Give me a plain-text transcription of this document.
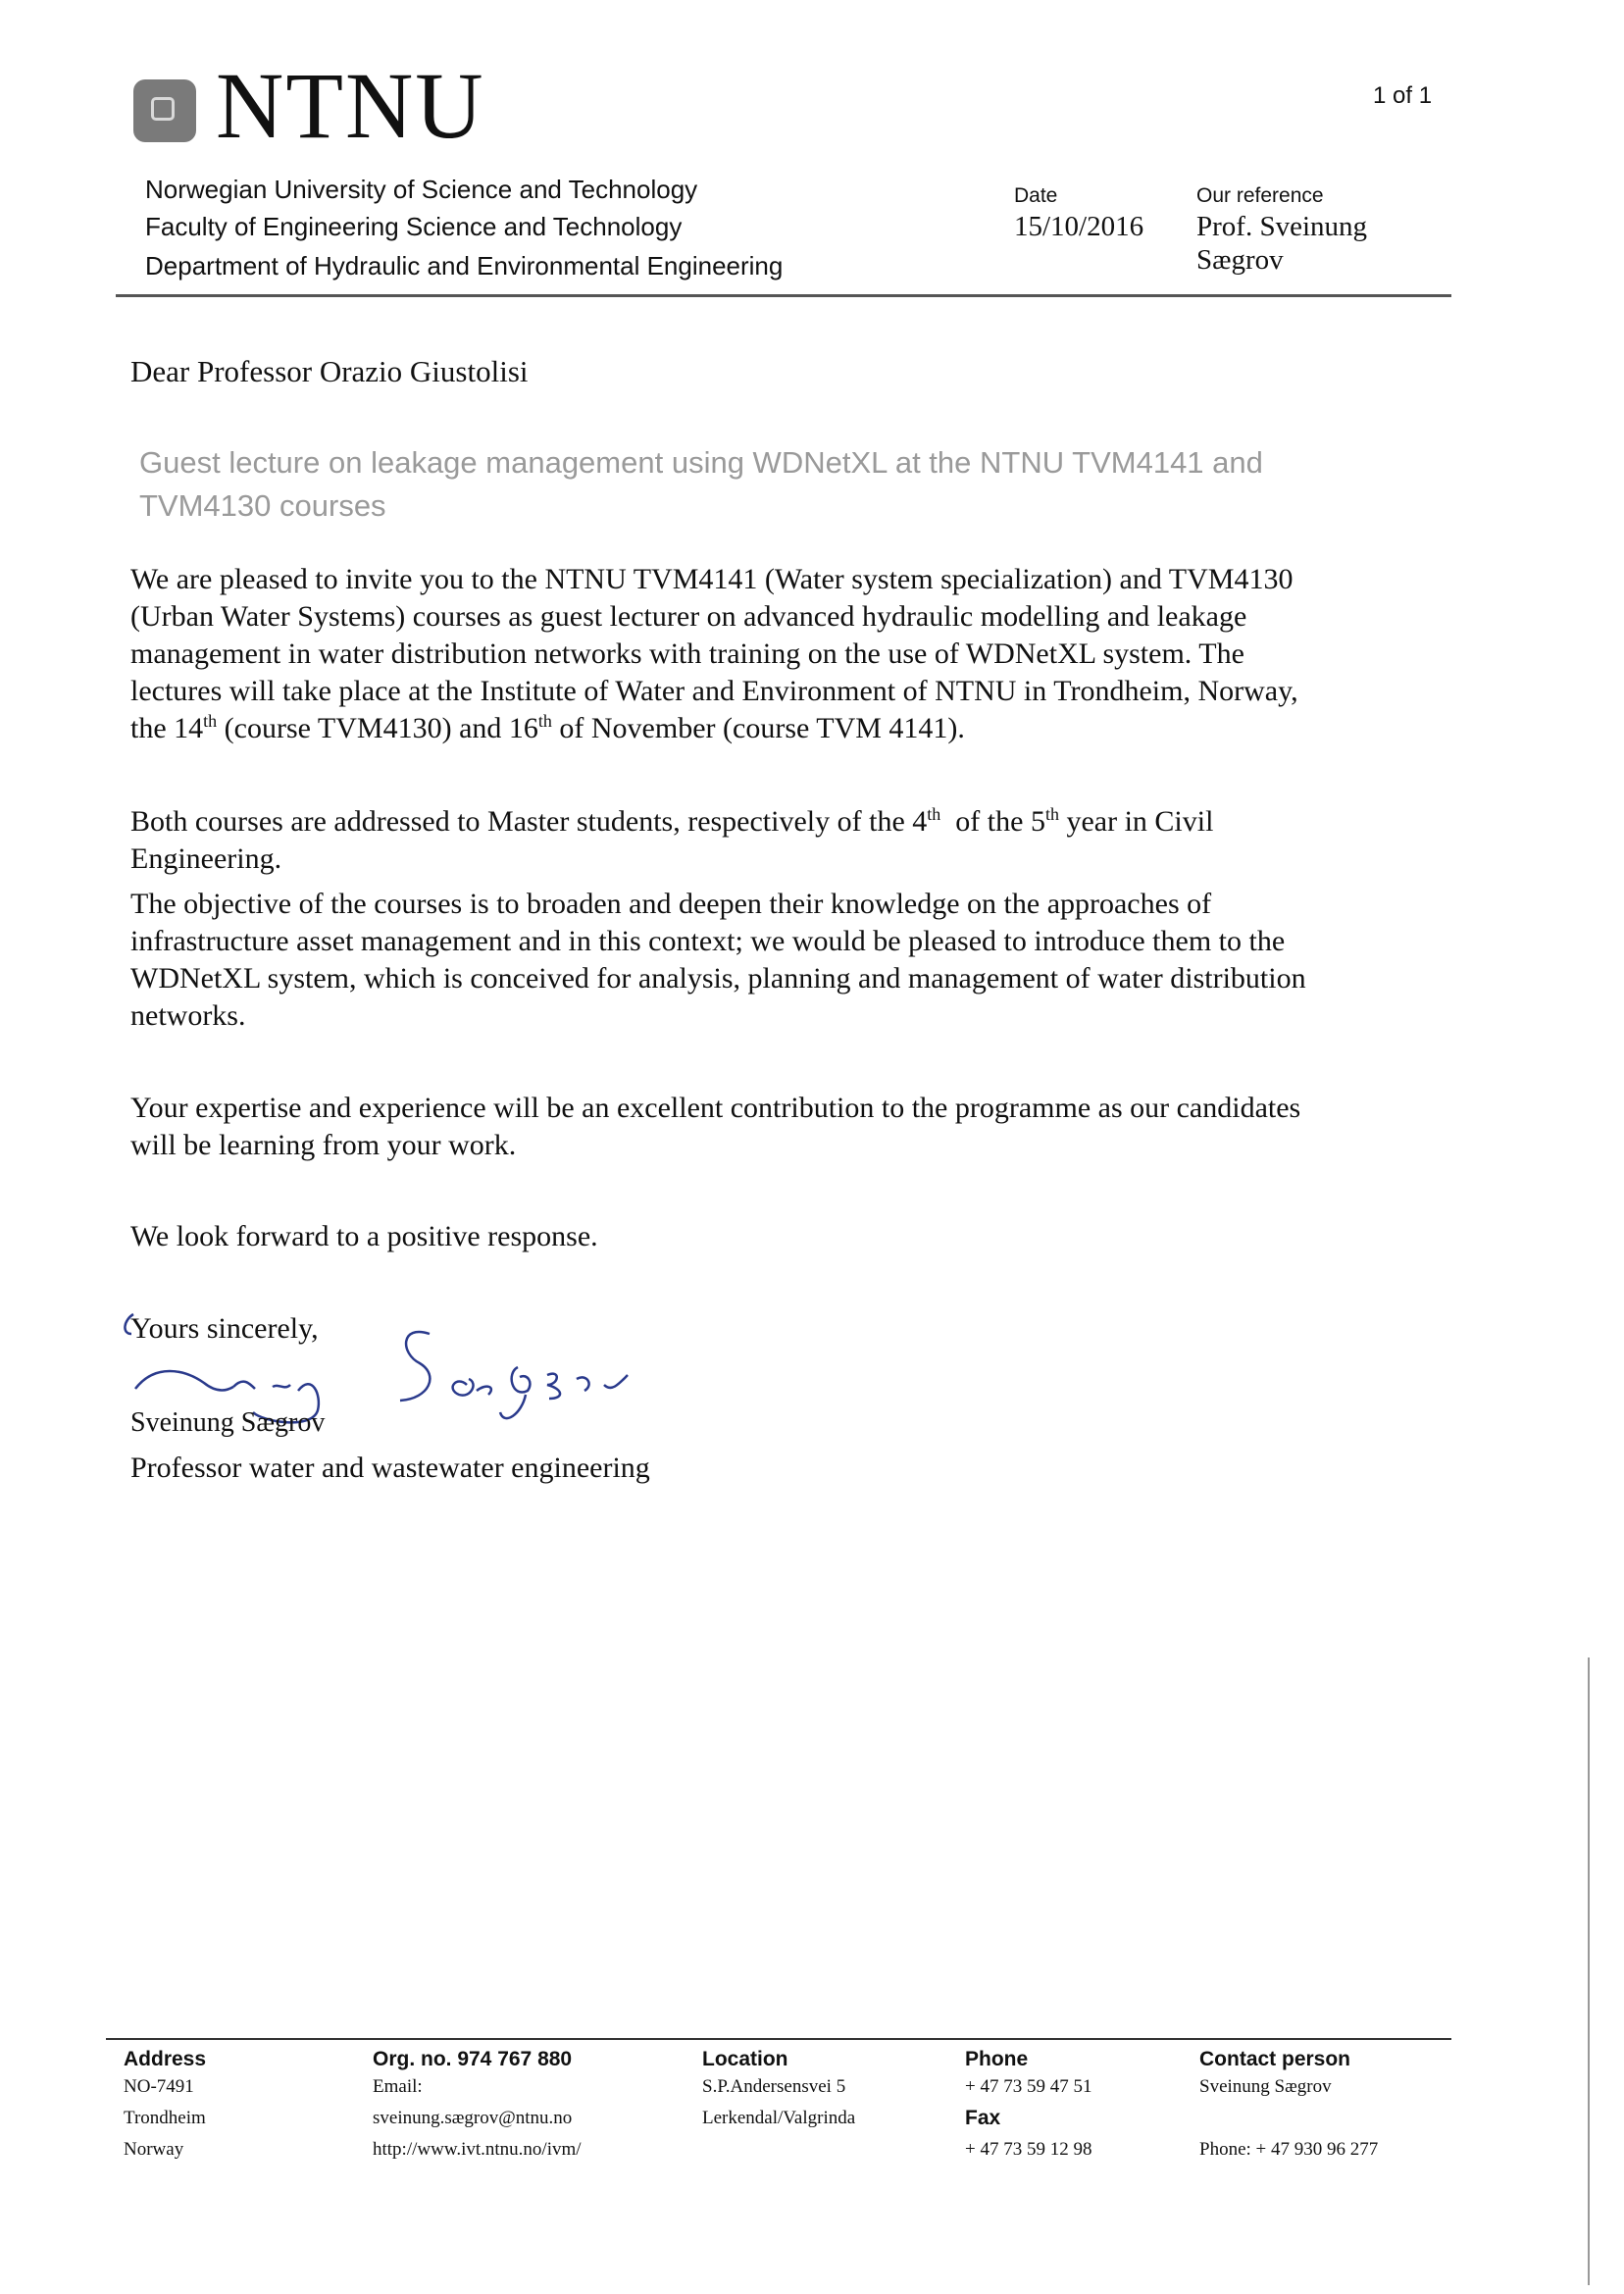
NTNU	1 of 1
Norwegian University of Science and Technology
Faculty of Engineering Science and Technology
Department of Hydraulic and Environmental Engineering
Date
15/10/2016
Our reference
Prof. Sveinung
Sægrov
Dear Professor Orazio Giustolisi
Guest lecture on leakage management using WDNetXL at the NTNU TVM4141 and
TVM4130 courses
We are pleased to invite you to the NTNU TVM4141 (Water system specialization) and TVM4130
(Urban Water Systems) courses as guest lecturer on advanced hydraulic modelling and leakage
management in water distribution networks with training on the use of WDNetXL system. The
lectures will take place at the Institute of Water and Environment of NTNU in Trondheim, Norway,
the 14th (course TVM4130) and 16th of November (course TVM 4141).
Both courses are addressed to Master students, respectively of the 4th  of the 5th year in Civil
Engineering.
The objective of the courses is to broaden and deepen their knowledge on the approaches of
infrastructure asset management and in this context; we would be pleased to introduce them to the
WDNetXL system, which is conceived for analysis, planning and management of water distribution
networks.
Your expertise and experience will be an excellent contribution to the programme as our candidates
will be learning from your work.
We look forward to a positive response.
Yours sincerely,
Sveinung Sægrov
Professor water and wastewater engineering
Address
NO-7491
Trondheim
Norway
Org. no. 974 767 880
Email:
sveinung.sægrov@ntnu.no
http://www.ivt.ntnu.no/ivm/
Location
S.P.Andersensvei 5
Lerkendal/Valgrinda
Phone
+ 47 73 59 47 51
Fax
+ 47 73 59 12 98
Contact person
Sveinung Sægrov
Phone: + 47 930 96 277
